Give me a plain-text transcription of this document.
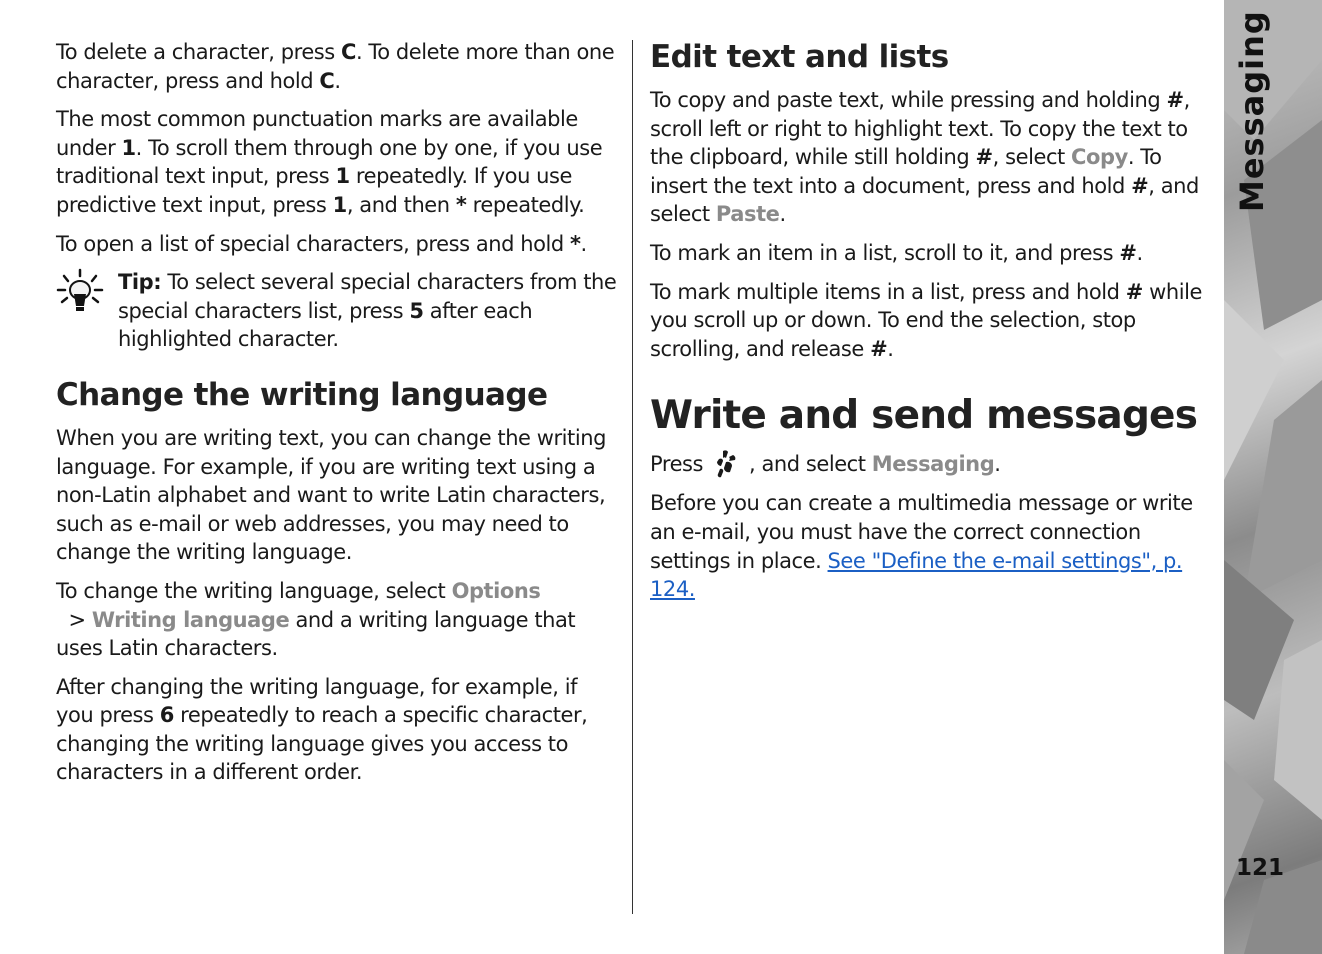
To delete a character, press C. To delete more than one character, press and hold C.

The most common punctuation marks are available under 1. To scroll them through one by one, if you use traditional text input, press 1 repeatedly. If you use predictive text input, press 1, and then * repeatedly.

To open a list of special characters, press and hold *.

Tip: To select several special characters from the special characters list, press 5 after each highlighted character.

Change the writing language

When you are writing text, you can change the writing language. For example, if you are writing text using a non-Latin alphabet and want to write Latin characters, such as e-mail or web addresses, you may need to change the writing language.

To change the writing language, select Options  > Writing language and a writing language that uses Latin characters.

After changing the writing language, for example, if you press 6 repeatedly to reach a specific character, changing the writing language gives you access to characters in a different order.

Edit text and lists

To copy and paste text, while pressing and holding #, scroll left or right to highlight text. To copy the text to the clipboard, while still holding #, select Copy. To insert the text into a document, press and hold #, and select Paste.

To mark an item in a list, scroll to it, and press #.

To mark multiple items in a list, press and hold # while you scroll up or down. To end the selection, stop scrolling, and release #.

Write and send messages

Press , and select Messaging.

Before you can create a multimedia message or write an e-mail, you must have the correct connection settings in place. See "Define the e-mail settings", p. 124.

Messaging
121
